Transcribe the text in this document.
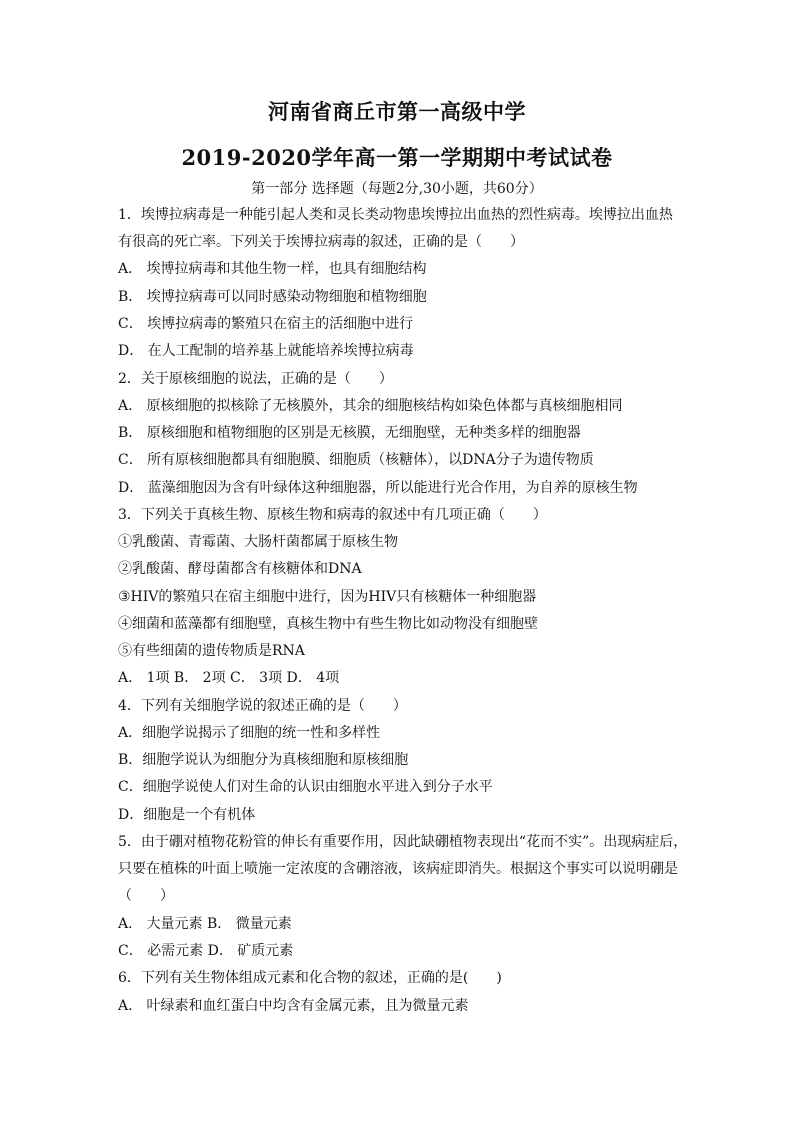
河南省商丘市第一高级中学
2019-2020学年高一第一学期期中考试试卷
第一部分 选择题（每题2分,30小题，共60分）
1．埃博拉病毒是一种能引起人类和灵长类动物患埃博拉出血热的烈性病毒。埃博拉出血热
有很高的死亡率。下列关于埃博拉病毒的叙述，正确的是（　　）
A． 埃博拉病毒和其他生物一样，也具有细胞结构
B． 埃博拉病毒可以同时感染动物细胞和植物细胞
C． 埃博拉病毒的繁殖只在宿主的活细胞中进行
D． 在人工配制的培养基上就能培养埃博拉病毒
2．关于原核细胞的说法，正确的是（　　）
A． 原核细胞的拟核除了无核膜外，其余的细胞核结构如染色体都与真核细胞相同
B． 原核细胞和植物细胞的区别是无核膜，无细胞壁，无种类多样的细胞器
C． 所有原核细胞都具有细胞膜、细胞质（核糖体），以DNA分子为遗传物质
D． 蓝藻细胞因为含有叶绿体这种细胞器，所以能进行光合作用，为自养的原核生物
3．下列关于真核生物、原核生物和病毒的叙述中有几项正确（　　）
①乳酸菌、青霉菌、大肠杆菌都属于原核生物
②乳酸菌、酵母菌都含有核糖体和DNA
③HIV的繁殖只在宿主细胞中进行，因为HIV只有核糖体一种细胞器
④细菌和蓝藻都有细胞壁，真核生物中有些生物比如动物没有细胞壁
⑤有些细菌的遗传物质是RNA
A． 1项 B． 2项 C． 3项 D． 4项
4．下列有关细胞学说的叙述正确的是（　　）
A．细胞学说揭示了细胞的统一性和多样性
B．细胞学说认为细胞分为真核细胞和原核细胞
C．细胞学说使人们对生命的认识由细胞水平进入到分子水平
D．细胞是一个有机体
5．由于硼对植物花粉管的伸长有重要作用，因此缺硼植物表现出“花而不实”。出现病症后，
只要在植株的叶面上喷施一定浓度的含硼溶液，该病症即消失。根据这个事实可以说明硼是
（　　）
A． 大量元素 B． 微量元素
C． 必需元素 D． 矿质元素
6．下列有关生物体组成元素和化合物的叙述，正确的是(　　)
A． 叶绿素和血红蛋白中均含有金属元素，且为微量元素
